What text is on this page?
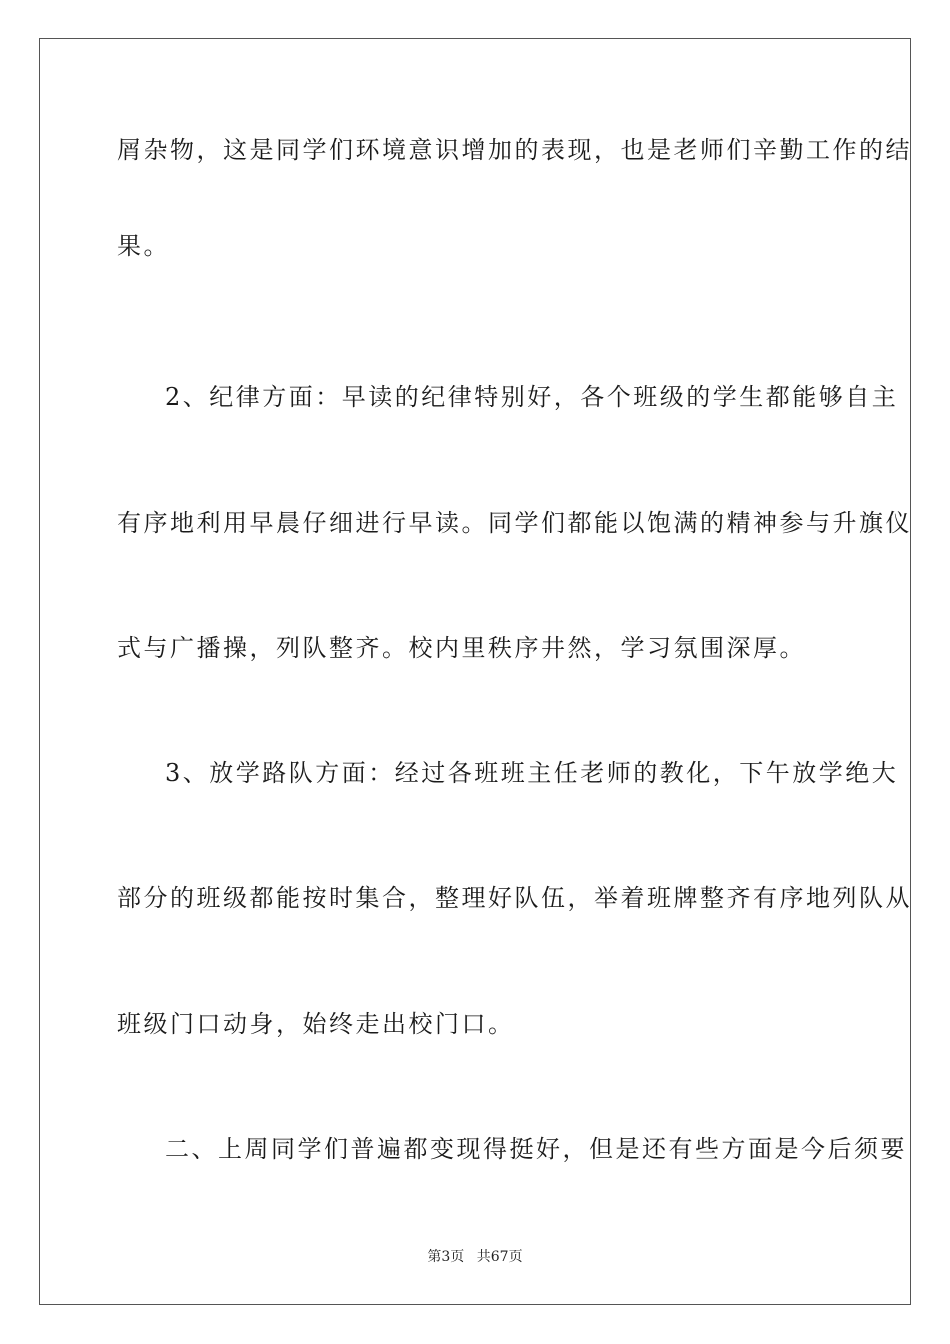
屑杂物，这是同学们环境意识增加的表现，也是老师们辛勤工作的结
果。
2、纪律方面：早读的纪律特别好，各个班级的学生都能够自主
有序地利用早晨仔细进行早读。同学们都能以饱满的精神参与升旗仪
式与广播操，列队整齐。校内里秩序井然，学习氛围深厚。
3、放学路队方面：经过各班班主任老师的教化，下午放学绝大
部分的班级都能按时集合，整理好队伍，举着班牌整齐有序地列队从
班级门口动身，始终走出校门口。
二、上周同学们普遍都变现得挺好，但是还有些方面是今后须要
第3页 共67页
